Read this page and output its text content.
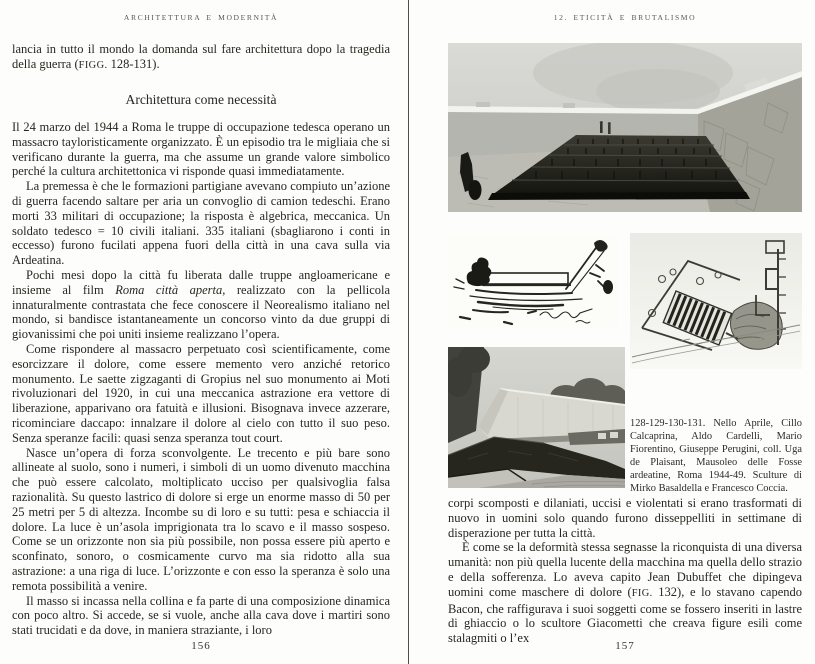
ARCHITETTURA E MODERNITÀ

lancia in tutto il mondo la domanda sul fare architettura dopo la tragedia della guerra (FIGG. 128-131).

Architettura come necessità

Il 24 marzo del 1944 a Roma le truppe di occupazione tedesca operano un massacro tayloristicamente organizzato. È un episodio tra le migliaia che si verificano durante la guerra, ma che assume un grande valore simbolico perché la cultura architettonica vi risponde quasi immediatamente.

La premessa è che le formazioni partigiane avevano compiuto un’azione di guerra facendo saltare per aria un convoglio di camion tedeschi. Erano morti 33 militari di occupazione; la risposta è algebrica, meccanica. Un soldato tedesco = 10 civili italiani. 335 italiani (sbagliarono i conti in eccesso) furono fucilati appena fuori della città in una cava sulla via Ardeatina.

Pochi mesi dopo la città fu liberata dalle truppe angloamericane e insieme al film Roma città aperta, realizzato con la pellicola innaturalmente contrastata che fece conoscere il Neorealismo italiano nel mondo, si bandisce istantaneamente un concorso vinto da due gruppi di giovanissimi che poi uniti insieme realizzano l’opera.

Come rispondere al massacro perpetuato così scientificamente, come esorcizzare il dolore, come essere memento vero anziché retorico monumento. Le saette zigzaganti di Gropius nel suo monumento ai Moti rivoluzionari del 1920, in cui una meccanica astrazione era vettore di liberazione, apparivano ora fatuità e illusioni. Bisognava invece azzerare, ricominciare daccapo: innalzare il dolore al cielo con tutto il suo peso. Senza speranze facili: quasi senza speranza tout court.

Nasce un’opera di forza sconvolgente. Le trecento e più bare sono allineate al suolo, sono i numeri, i simboli di un uomo divenuto macchina che può essere calcolato, moltiplicato ucciso per qualsivoglia falsa razionalità. Su questo lastrico di dolore si erge un enorme masso di 50 per 25 metri per 5 di altezza. Incombe su di loro e su tutti: pesa e schiaccia il dolore. La luce è un’asola imprigionata tra lo scavo e il masso sospeso. Come se un orizzonte non sia più possibile, non possa essere più aperto e sconfinato, sonoro, o cosmicamente curvo ma sia ridotto alla sua astrazione: a una riga di luce. L’orizzonte e con esso la speranza è solo una remota possibilità a venire.

Il masso si incassa nella collina e fa parte di una composizione dinamica con poco altro. Si accede, se si vuole, anche alla cava dove i martiri sono stati trucidati e da dove, in maniera straziante, i loro

156
12. ETICITÀ E BRUTALISMO
128-129-130-131. Nello Aprile, Cillo Calcaprina, Aldo Cardelli, Mario Fiorentino, Giuseppe Perugini, coll. Uga de Plaisant, Mausoleo delle Fosse ardeatine, Roma 1944-49. Sculture di Mirko Basaldella e Francesco Coccia.

corpi scomposti e dilaniati, uccisi e violentati si erano trasformati di nuovo in uomini solo quando furono disseppelliti in settimane di disperazione per tutta la città.

È come se la deformità stessa segnasse la riconquista di una diversa umanità: non più quella lucente della macchina ma quella dello strazio e della sofferenza. Lo aveva capito Jean Dubuffet che dipingeva uomini come maschere di dolore (FIG. 132), e lo stavano capendo Bacon, che raffigurava i suoi soggetti come se fossero inseriti in lastre di ghiaccio o lo scultore Giacometti che creava figure esili come stalagmiti o l’ex

157
